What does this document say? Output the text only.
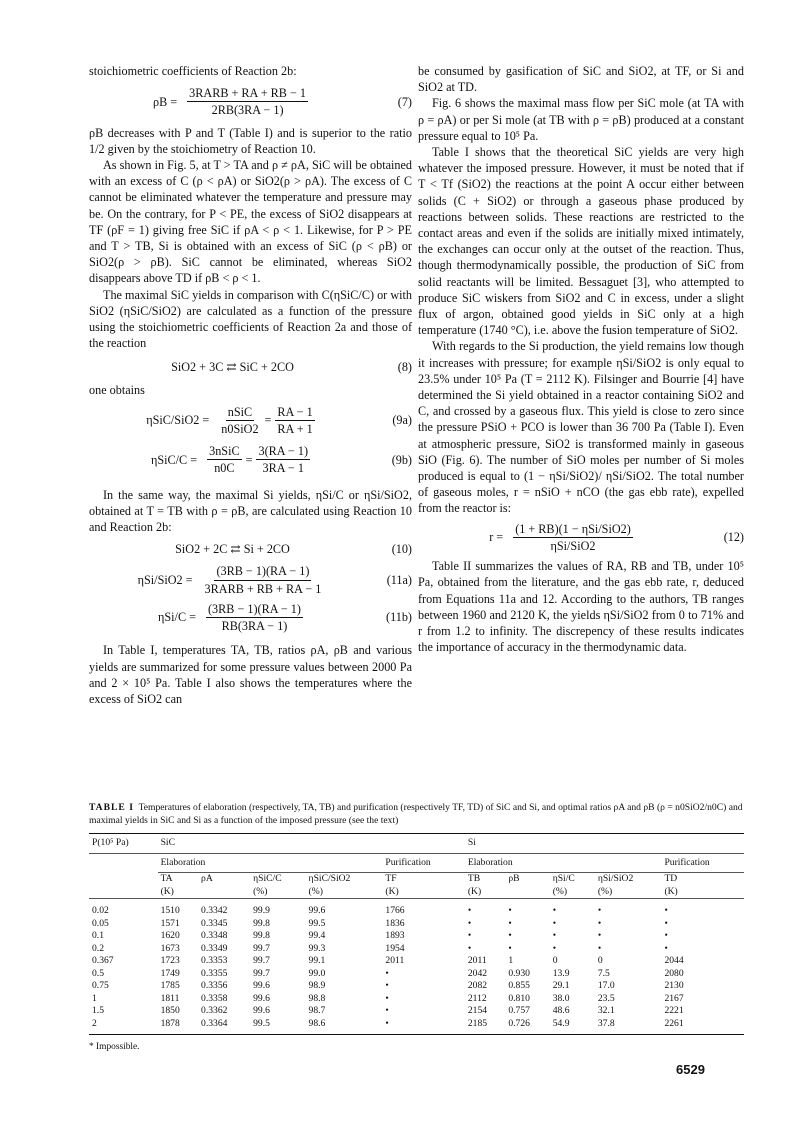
stoichiometric coefficients of Reaction 2b:

$\rho B = \frac{\text{3RARB + RA + RB − 1}}{2RB(3RA - 1)}$	(7)

ρB decreases with P and T (Table I) and is superior to the ratio 1/2 given by the stoichiometry of Reaction 10.

As shown in Fig. 5, at T > TA and ρ ≠ ρA, SiC will be obtained with an excess of C (ρ < ρA) or SiO2(ρ > ρA). The excess of C cannot be eliminated whatever the temperature and pressure may be. On the contrary, for P < PE, the excess of SiO2 disappears at TF (ρF = 1) giving free SiC if ρA < ρ < 1. Likewise, for P > PE and T > TB, Si is obtained with an excess of SiC (ρ < ρB) or SiO2(ρ > ρB). SiC cannot be eliminated, whereas SiO2 disappears above TD if ρB < ρ < 1.

The maximal SiC yields in comparison with C(ηSiC/C) or with SiO2 (ηSiC/SiO2) are calculated as a function of the pressure using the stoichiometric coefficients of Reaction 2a and those of the reaction

SiO2 + 3C ⇄ SiC + 2CO	(8)

one obtains

$\eta SiC/SiO2 = \frac{\text{nSiC}}{\text{n0SiO2}} = \frac{RA - 1}{RA + 1}$	(9a)
$\eta SiC/C = \frac{\text{3nSiC}}{n0C} = \frac{3(RA - 1)}{3RA - 1}$	(9b)

In the same way, the maximal Si yields, ηSi/C or ηSi/SiO2, obtained at T = TB with ρ = ρB, are calculated using Reaction 10 and Reaction 2b:

SiO2 + 2C ⇄ Si + 2CO	(10)
$\eta Si/SiO2 = \frac{(3RB - 1)(RA - 1)}{\text{3RARB + RB + RA − 1}}$	(11a)
$\eta Si/C = \frac{(3RB - 1)(RA - 1)}{RB(3RA - 1)}$	(11b)

In Table I, temperatures TA, TB, ratios ρA, ρB and various yields are summarized for some pressure values between 2000 Pa and 2 × 10⁵ Pa. Table I also shows the temperatures where the excess of SiO2 can

be consumed by gasification of SiC and SiO2, at TF, or Si and SiO2 at TD.

Fig. 6 shows the maximal mass flow per SiC mole (at TA with ρ = ρA) or per Si mole (at TB with ρ = ρB) produced at a constant pressure equal to 10⁵ Pa.

Table I shows that the theoretical SiC yields are very high whatever the imposed pressure. However, it must be noted that if T < Tf (SiO2) the reactions at the point A occur either between solids (C + SiO2) or through a gaseous phase produced by reactions between solids. These reactions are restricted to the contact areas and even if the solids are initially mixed intimately, the exchanges can occur only at the outset of the reaction. Thus, though thermodynamically possible, the production of SiC from solid reactants will be limited. Bessaguet [3], who attempted to produce SiC wiskers from SiO2 and C in excess, under a slight flux of argon, obtained good yields in SiC only at a high temperature (1740 °C), i.e. above the fusion temperature of SiO2.

With regards to the Si production, the yield remains low though it increases with pressure; for example ηSi/SiO2 is only equal to 23.5% under 10⁵ Pa (T = 2112 K). Filsinger and Bourrie [4] have determined the Si yield obtained in a reactor containing SiO2 and C, and crossed by a gaseous flux. This yield is close to zero since the pressure PSiO + PCO is lower than 36 700 Pa (Table I). Even at atmospheric pressure, SiO2 is transformed mainly in gaseous SiO (Fig. 6). The number of SiO moles per number of Si moles produced is equal to (1 − ηSi/SiO2)/ ηSi/SiO2. The total number of gaseous moles, r = nSiO + nCO (the gas ebb rate), expelled from the reactor is:

$r = \frac{\text{(1 + RB)(1 − ηSi/SiO2)}}{\text{ηSi/SiO2}}$	(12)

Table II summarizes the values of RA, RB and TB, under 10⁵ Pa, obtained from the literature, and the gas ebb rate, r, deduced from Equations 11a and 12. According to the authors, TB ranges between 1960 and 2120 K, the yields ηSi/SiO2 from 0 to 71% and r from 1.2 to infinity. The discrepency of these results indicates the importance of accuracy in the thermodynamic data.

TABLE I Temperatures of elaboration (respectively, TA, TB) and purification (respectively TF, TD) of SiC and Si, and optimal ratios ρA and ρB (ρ = n0SiO2/n0C) and maximal yields in SiC and Si as a function of the imposed pressure (see the text)
P(10⁵ Pa)	SiC					Si				
	Elaboration				Purification	Elaboration				Purification
	TA	ρA	ηSiC/C	ηSiC/SiO2	TF	TB	ρB	ηSi/C	ηSi/SiO2	TD
	(K)		(%)	(%)	(K)	(K)		(%)	(%)	(K)

0.02	1510	0.3342	99.9	99.6	1766	•	•	•	•	•
0.05	1571	0.3345	99.8	99.5	1836	•	•	•	•	•
0.1	1620	0.3348	99.8	99.4	1893	•	•	•	•	•
0.2	1673	0.3349	99.7	99.3	1954	•	•	•	•	•
0.367	1723	0.3353	99.7	99.1	2011	2011	1	0	0	2044
0.5	1749	0.3355	99.7	99.0	•	2042	0.930	13.9	7.5	2080
0.75	1785	0.3356	99.6	98.9	•	2082	0.855	29.1	17.0	2130
1	1811	0.3358	99.6	98.8	•	2112	0.810	38.0	23.5	2167
1.5	1850	0.3362	99.6	98.7	•	2154	0.757	48.6	32.1	2221
2	1878	0.3364	99.5	98.6	•	2185	0.726	54.9	37.8	2261

* Impossible.
6529
